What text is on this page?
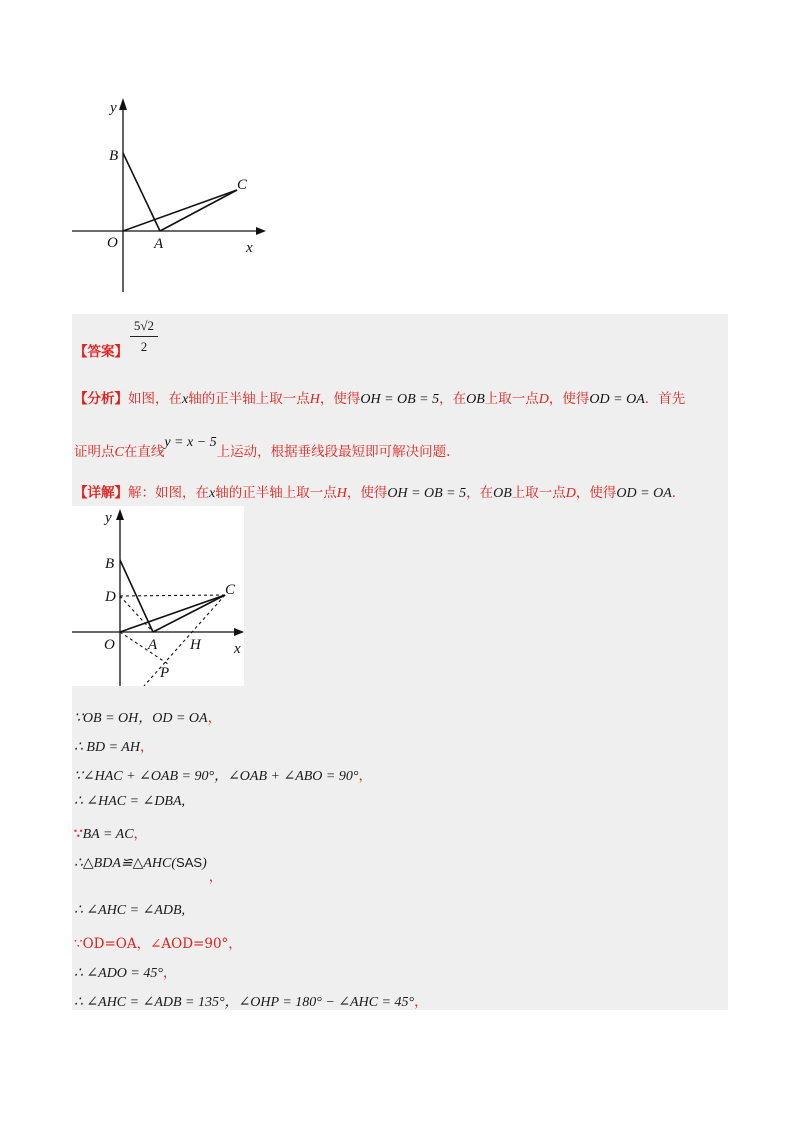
y
x
O A
B
C
【答案】
5√2
2
【分析】如图，在x轴的正半轴上取一点H，使得OH = OB = 5，在OB上取一点D，使得OD = OA．首先
证明点C在直线y = x − 5上运动，根据垂线段最短即可解决问题.
【详解】解：如图，在x轴的正半轴上取一点H，使得OH = OB = 5，在OB上取一点D，使得OD = OA．
y
x
O A
B
C
D
H
P
∵OB = OH，OD = OA，
∴ BD = AH，
∵∠HAC + ∠OAB = 90°，∠OAB + ∠ABO = 90°，
∴ ∠HAC = ∠DBA,
∵BA = AC，
∴△BDA≌△AHC(SAS)，
∴ ∠AHC = ∠ADB,
∵OD=OA，∠AOD=90°，
∴ ∠ADO = 45°，
∴ ∠AHC = ∠ADB = 135°，∠OHP = 180° − ∠AHC = 45°，
